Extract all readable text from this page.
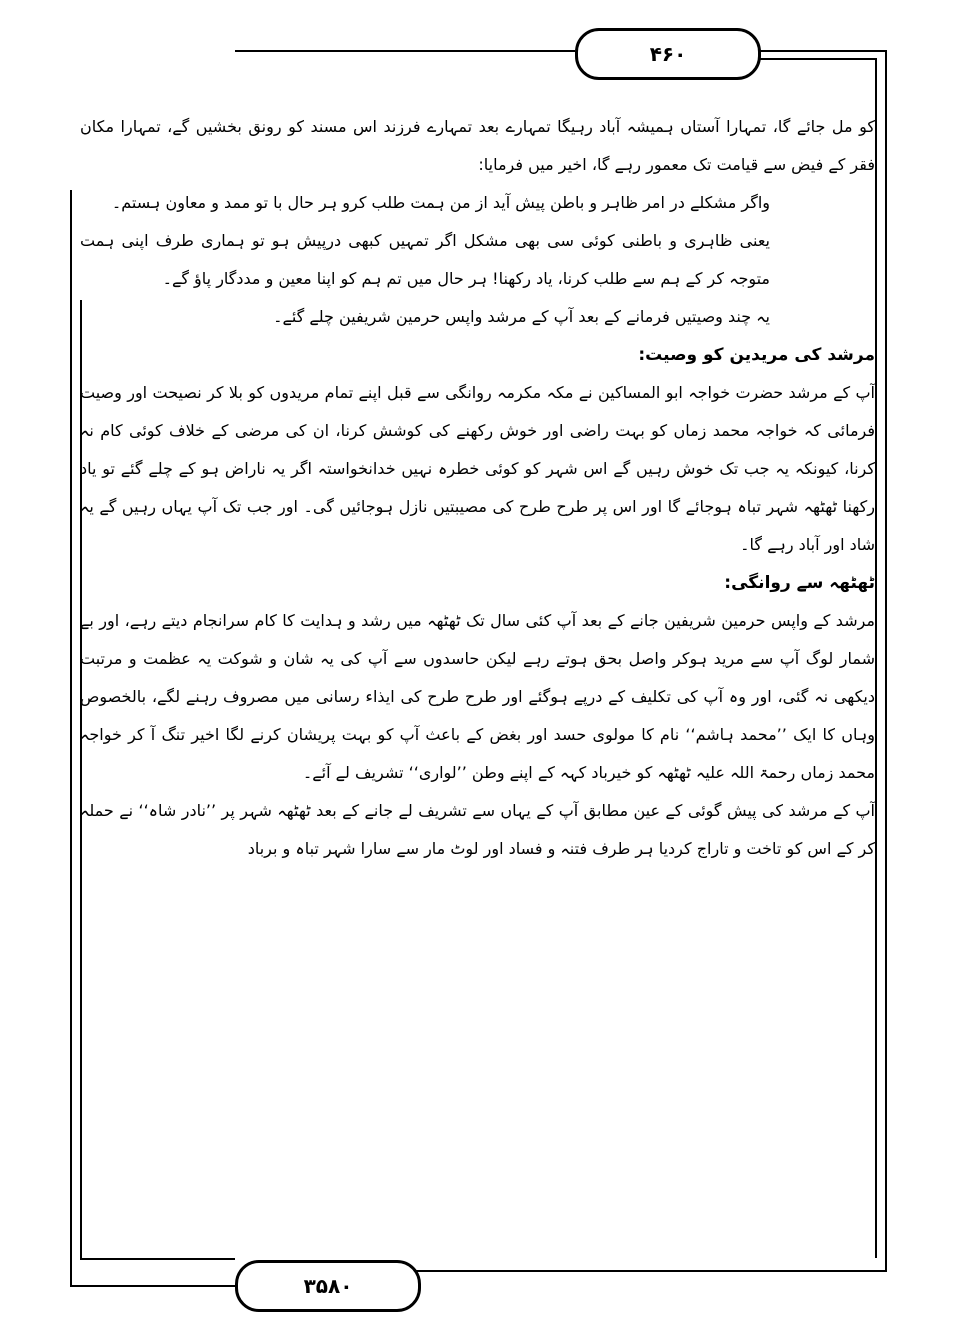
۴۶۰

کو مل جائے گا، تمہارا آستاں ہمیشہ آباد رہیگا تمہارے بعد تمہارے فرزند اس مسند کو رونق بخشیں گے، تمہارا مکان فقر کے فیض سے قیامت تک معمور رہے گا، اخیر میں فرمایا:

واگر مشکلے در امر ظاہر و باطن پیش آید از من ہمت طلب کرو ہر حال با تو ممد و معاون ہستم۔

یعنی ظاہری و باطنی کوئی سی بھی مشکل اگر تمہیں کبھی درپیش ہو تو ہماری طرف اپنی ہمت متوجہ کر کے ہم سے طلب کرنا، یاد رکھنا! ہر حال میں تم ہم کو اپنا معین و مددگار پاؤ گے۔

یہ چند وصیتیں فرمانے کے بعد آپ کے مرشد واپس حرمین شریفین چلے گئے۔

مرشد کی مریدین کو وصیت:

آپ کے مرشد حضرت خواجہ ابو المساکین نے مکہ مکرمہ روانگی سے قبل اپنے تمام مریدوں کو بلا کر نصیحت اور وصیت فرمائی کہ خواجہ محمد زماں کو بہت راضی اور خوش رکھنے کی کوشش کرنا، ان کی مرضی کے خلاف کوئی کام نہ کرنا، کیونکہ یہ جب تک خوش رہیں گے اس شہر کو کوئی خطرہ نہیں خدانخواستہ اگر یہ ناراض ہو کے چلے گئے تو یاد رکھنا ٹھٹھہ شہر تباہ ہوجائے گا اور اس پر طرح طرح کی مصیبتیں نازل ہوجائیں گی۔ اور جب تک آپ یہاں رہیں گے یہ شاد اور آباد رہے گا۔

ٹھٹھہ سے روانگی:

مرشد کے واپس حرمین شریفین جانے کے بعد آپ کئی سال تک ٹھٹھہ میں رشد و ہدایت کا کام سرانجام دیتے رہے، اور بے شمار لوگ آپ سے مرید ہوکر واصل بحق ہوتے رہے لیکن حاسدوں سے آپ کی یہ شان و شوکت یہ عظمت و مرتبت دیکھی نہ گئی، اور وہ آپ کی تکلیف کے درپے ہوگئے اور طرح طرح کی ایذاء رسانی میں مصروف رہنے لگے، بالخصوص وہاں کا ایک ’’محمد ہاشم‘‘ نام کا مولوی حسد اور بغض کے باعث آپ کو بہت پریشان کرنے لگا اخیر تنگ آ کر خواجہ محمد زماں رحمۃ اللہ علیہ ٹھٹھہ کو خیرباد کہہ کے اپنے وطن ’’لواری‘‘ تشریف لے آئے۔

آپ کے مرشد کی پیش گوئی کے عین مطابق آپ کے یہاں سے تشریف لے جانے کے بعد ٹھٹھہ شہر پر ’’نادر شاہ‘‘ نے حملہ کر کے اس کو تاخت و تاراج کردیا ہر طرف فتنہ و فساد اور لوٹ مار سے سارا شہر تباہ و برباد

۳۵۸۰
